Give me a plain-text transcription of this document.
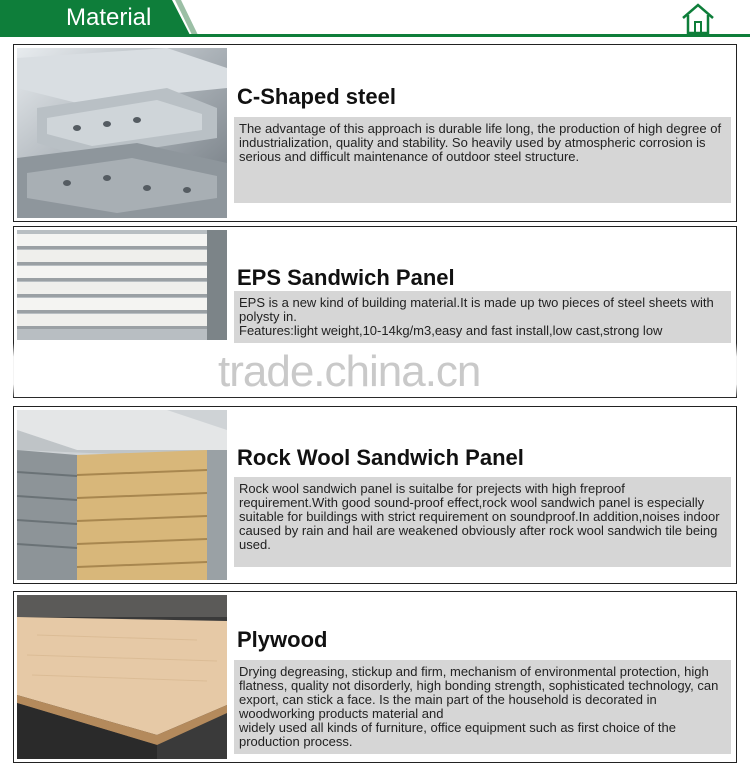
Material
C-Shaped steel
The advantage of this approach is durable life long, the production of high degree of industrialization, quality and stability. So heavily used by atmospheric corrosion is serious and difficult maintenance of outdoor steel structure.
EPS Sandwich Panel
EPS is a new kind of building material.It is made up two pieces of steel sheets with polysty in.
Features:light weight,10-14kg/m3,easy and fast install,low cast,strong low
trade.china.cn
Rock Wool Sandwich Panel
Rock wool sandwich panel is suitalbe for prejects with high freproof requirement.With good sound-proof effect,rock wool sandwich panel is especially suitable for buildings with strict requirement on soundproof.In addition,noises indoor caused by rain and hail are weakened obviously after rock wool sandwich tile being used.
Plywood
Drying degreasing, stickup and firm, mechanism of environmental protection, high flatness, quality not disorderly, high bonding strength, sophisticated technology, can export, can stick a face. Is the main part of the household is decorated in woodworking products material and
widely used all kinds of furniture, office equipment such as first choice of the production process.
